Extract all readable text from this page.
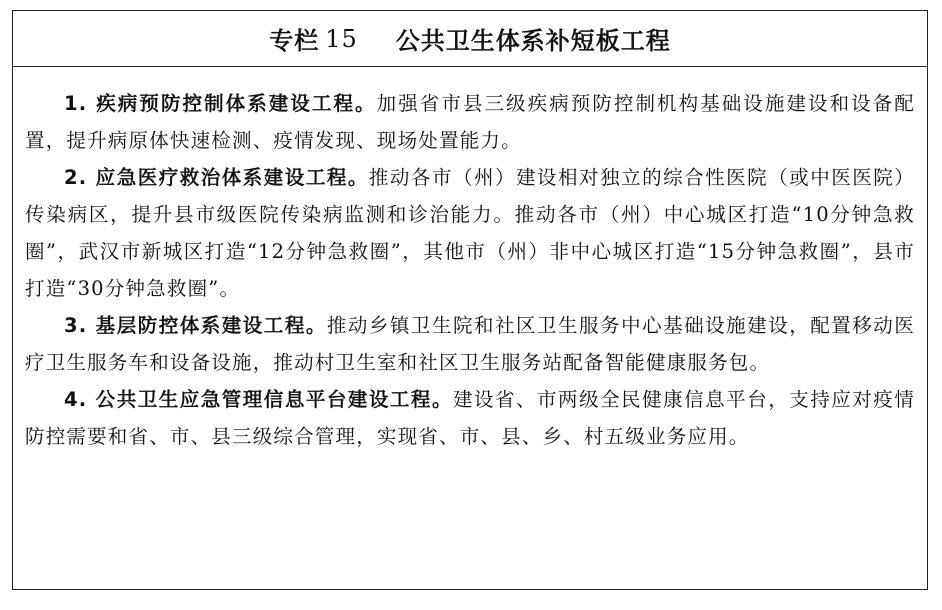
专栏 15 公共卫生体系补短板工程

1. 疾病预防控制体系建设工程。加强省市县三级疾病预防控制机构基础设施建设和设备配置，提升病原体快速检测、疫情发现、现场处置能力。

2. 应急医疗救治体系建设工程。推动各市（州）建设相对独立的综合性医院（或中医医院）传染病区，提升县市级医院传染病监测和诊治能力。推动各市（州）中心城区打造“10分钟急救圈”，武汉市新城区打造“12分钟急救圈”，其他市（州）非中心城区打造“15分钟急救圈”，县市打造“30分钟急救圈”。

3. 基层防控体系建设工程。推动乡镇卫生院和社区卫生服务中心基础设施建设，配置移动医疗卫生服务车和设备设施，推动村卫生室和社区卫生服务站配备智能健康服务包。

4. 公共卫生应急管理信息平台建设工程。建设省、市两级全民健康信息平台，支持应对疫情防控需要和省、市、县三级综合管理，实现省、市、县、乡、村五级业务应用。
